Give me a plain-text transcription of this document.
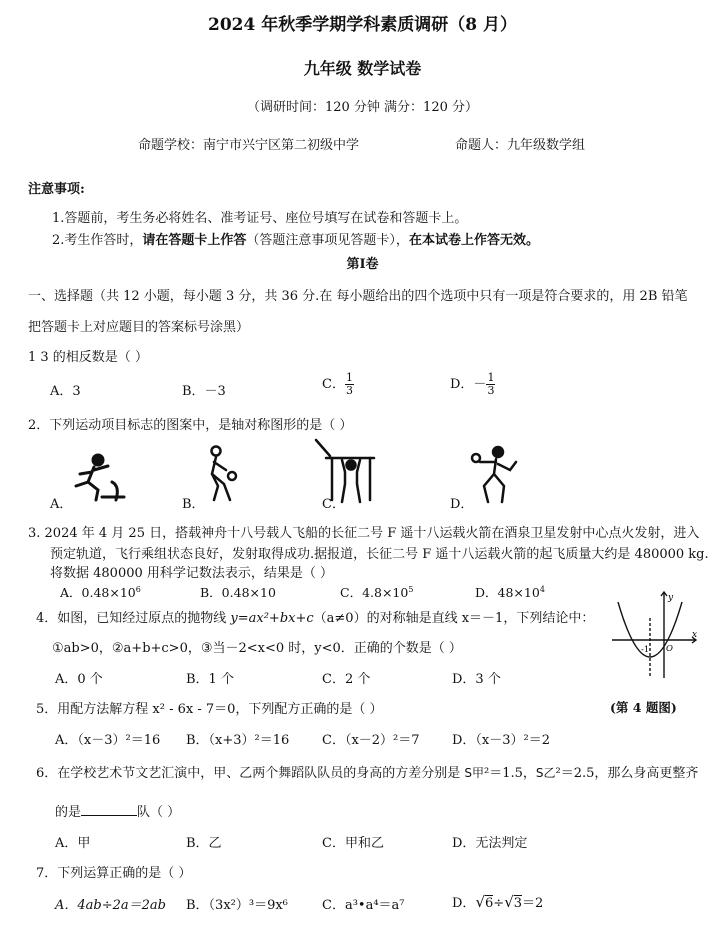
2024 年秋季学期学科素质调研（8 月）
九年级 数学试卷
（调研时间：120 分钟 满分：120 分）
命题学校：南宁市兴宁区第二初级中学	命题人：九年级数学组
注意事项:
1.答题前，考生务必将姓名、准考证号、座位号填写在试卷和答题卡上。
2.考生作答时，请在答题卡上作答（答题注意事项见答题卡），在本试卷上作答无效。
第Ⅰ卷
一、选择题（共 12 小题，每小题 3 分，共 36 分.在 每小题给出的四个选项中只有一项是符合要求的，用 2B 铅笔
把答题卡上对应题目的答案标号涂黑）
1 3 的相反数是（ ）
A．3	B．－3	C． $\frac{1}{3}$	D．－ $\frac{1}{3}$
2．下列运动项目标志的图案中，是轴对称图形的是（ ）
A．	B．	C．	D．
3. 2024 年 4 月 25 日，搭载神舟十八号载人飞船的长征二号 F 遥十八运载火箭在酒泉卫星发射中心点火发射，进入
预定轨道，飞行乘组状态良好，发射取得成功.据报道，长征二号 F 遥十八运载火箭的起飞质量大约是 480000 kg.
将数据 480000 用科学记数法表示，结果是（ ）
A．$0.48\times 10^6$	B．0.48×10	C．$4.8\times 10^5$	D．$48\times 10^4$
4．如图，已知经过原点的抛物线 y=ax²+bx+c（a≠0）的对称轴是直线 x＝－1，下列结论中：
①ab>0，②a+b+c>0，③当－2<x<0 时，y<0．正确的个数是（ ）
A．0 个	B．1 个	C．2 个	D．3 个
x
y
-1 O
(第 4 题图)
5．用配方法解方程 x² - 6x - 7＝0，下列配方正确的是（ ）
A．（x－3）²＝16 B．（x+3）²＝16	C．（x－2）²＝7 D．（x－3）²＝2
6．在学校艺术节文艺汇演中，甲、乙两个舞蹈队队员的身高的方差分别是 S甲²＝1.5，S乙²＝2.5，那么身高更整齐
的是	队（ ）
A．甲	B．乙	C．甲和乙	D．无法判定
7．下列运算正确的是（ ）
A．4ab÷2a＝2ab B．（3x²）³＝9x⁶	C．a³•a⁴＝a⁷	D．√6÷√3＝2
